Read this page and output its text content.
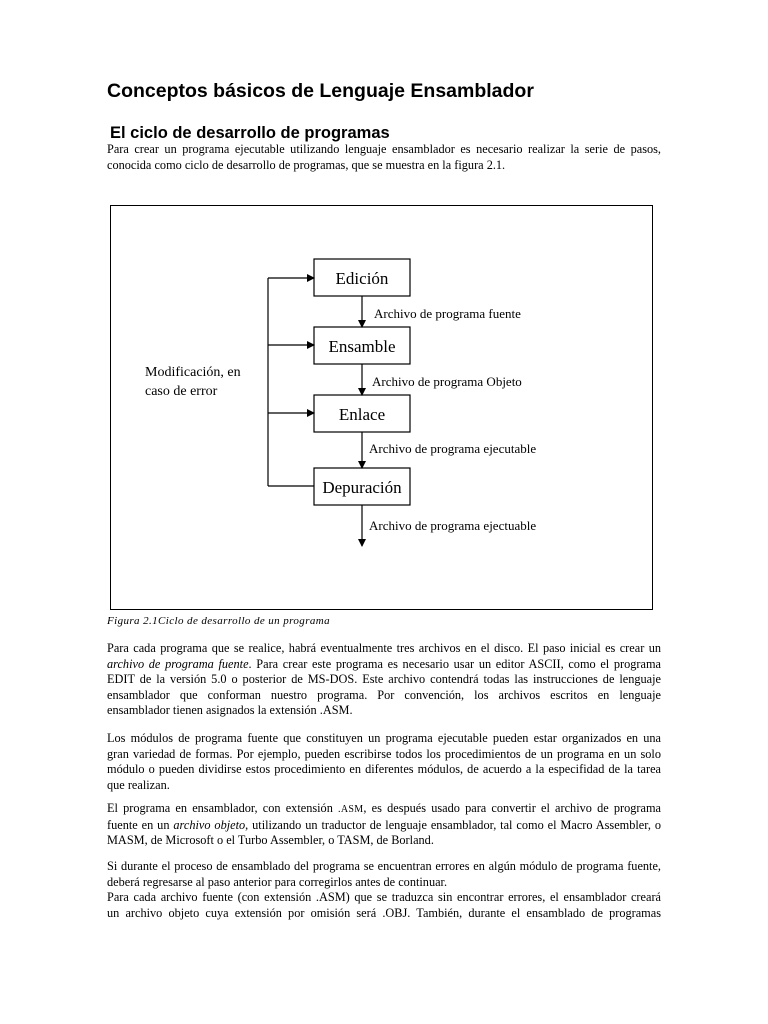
Conceptos básicos de Lenguaje Ensamblador
El ciclo de desarrollo de programas

Para crear un programa ejecutable utilizando lenguaje ensamblador es necesario realizar la serie de pasos,
conocida como ciclo de desarrollo de programas, que se muestra en la figura 2.1.

Edición
Ensamble
Enlace
Depuración
Archivo de programa fuente
Archivo de programa Objeto
Archivo de programa ejecutable
Archivo de programa ejectuable
Modificación, en
caso de error

Figura 2.1Ciclo de desarrollo de un programa

Para cada programa que se realice, habrá eventualmente tres archivos en el disco. El paso inicial es crear un
archivo de programa fuente. Para crear este programa es necesario usar un editor ASCII, como el programa
EDIT de la versión 5.0 o posterior de MS-DOS. Este archivo contendrá todas las instrucciones de lenguaje
ensamblador que conforman nuestro programa. Por convención, los archivos escritos en lenguaje
ensamblador tienen asignados la extensión .ASM.

Los módulos de programa fuente que constituyen un programa ejecutable pueden estar organizados en una
gran variedad de formas. Por ejemplo, pueden escribirse todos los procedimientos de un programa en un solo
módulo o pueden dividirse estos procedimiento en diferentes módulos, de acuerdo a la especifidad de la tarea
que realizan.

El programa en ensamblador, con extensión .ASM, es después usado para convertir el archivo de programa
fuente en un archivo objeto, utilizando un traductor de lenguaje ensamblador, tal como el Macro Assembler, o
MASM, de Microsoft o el Turbo Assembler, o TASM, de Borland.

Si durante el proceso de ensamblado del programa se encuentran errores en algún módulo de programa fuente,
deberá regresarse al paso anterior para corregirlos antes de continuar.
Para cada archivo fuente (con extensión .ASM) que se traduzca sin encontrar errores, el ensamblador creará
un archivo objeto cuya extensión por omisión será .OBJ. También, durante el ensamblado de programas
